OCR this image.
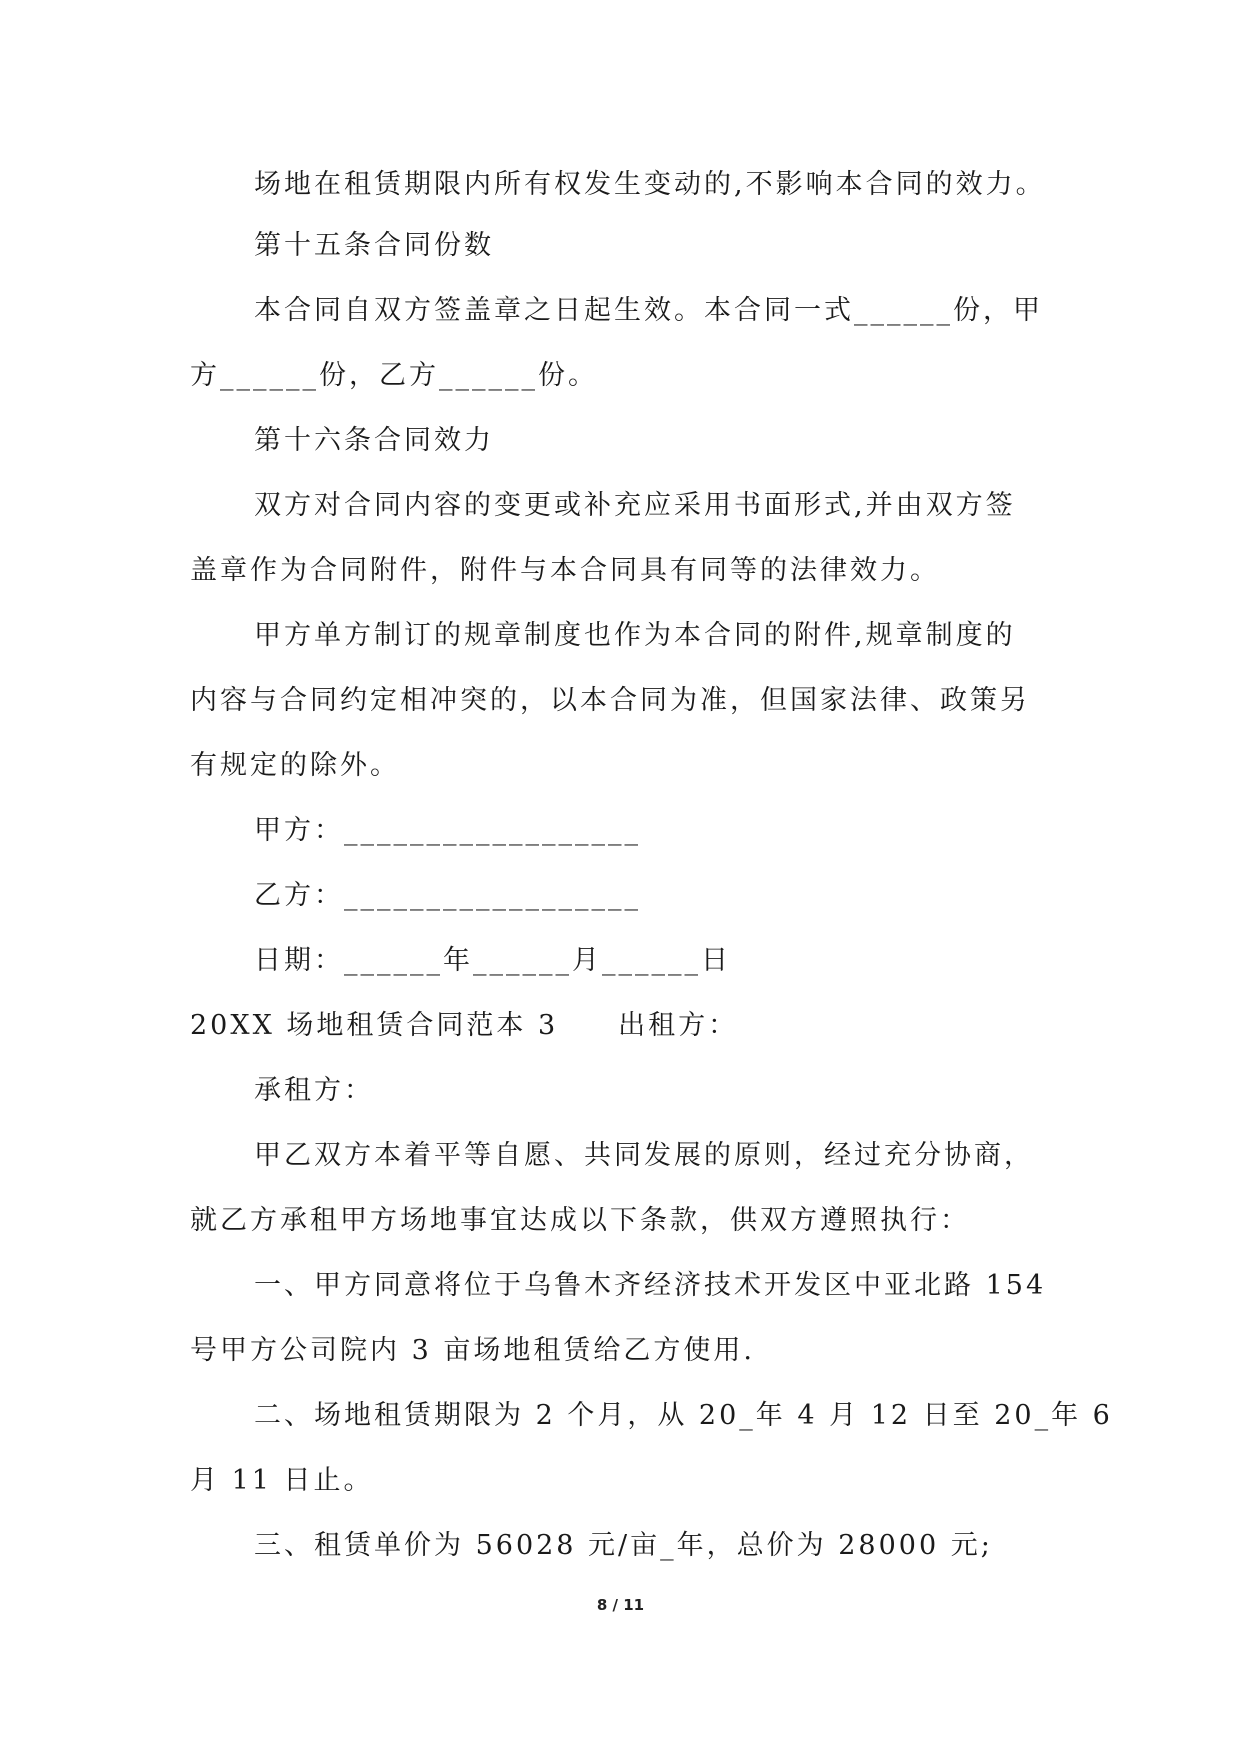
场地在租赁期限内所有权发生变动的,不影响本合同的效力。
第十五条合同份数
本合同自双方签盖章之日起生效。本合同一式______份，甲
方______份，乙方______份。
第十六条合同效力
双方对合同内容的变更或补充应采用书面形式,并由双方签
盖章作为合同附件，附件与本合同具有同等的法律效力。
甲方单方制订的规章制度也作为本合同的附件,规章制度的
内容与合同约定相冲突的，以本合同为准，但国家法律、政策另
有规定的除外。
甲方：__________________
乙方：__________________
日期：______年______月______日
20XX 场地租赁合同范本 3　　出租方：
承租方：
甲乙双方本着平等自愿、共同发展的原则，经过充分协商，
就乙方承租甲方场地事宜达成以下条款，供双方遵照执行：
一、甲方同意将位于乌鲁木齐经济技术开发区中亚北路 154
号甲方公司院内 3 亩场地租赁给乙方使用.
二、场地租赁期限为 2 个月，从 20_年 4 月 12 日至 20_年 6
月 11 日止。
三、租赁单价为 56028 元/亩_年，总价为 28000 元;
8 / 11
